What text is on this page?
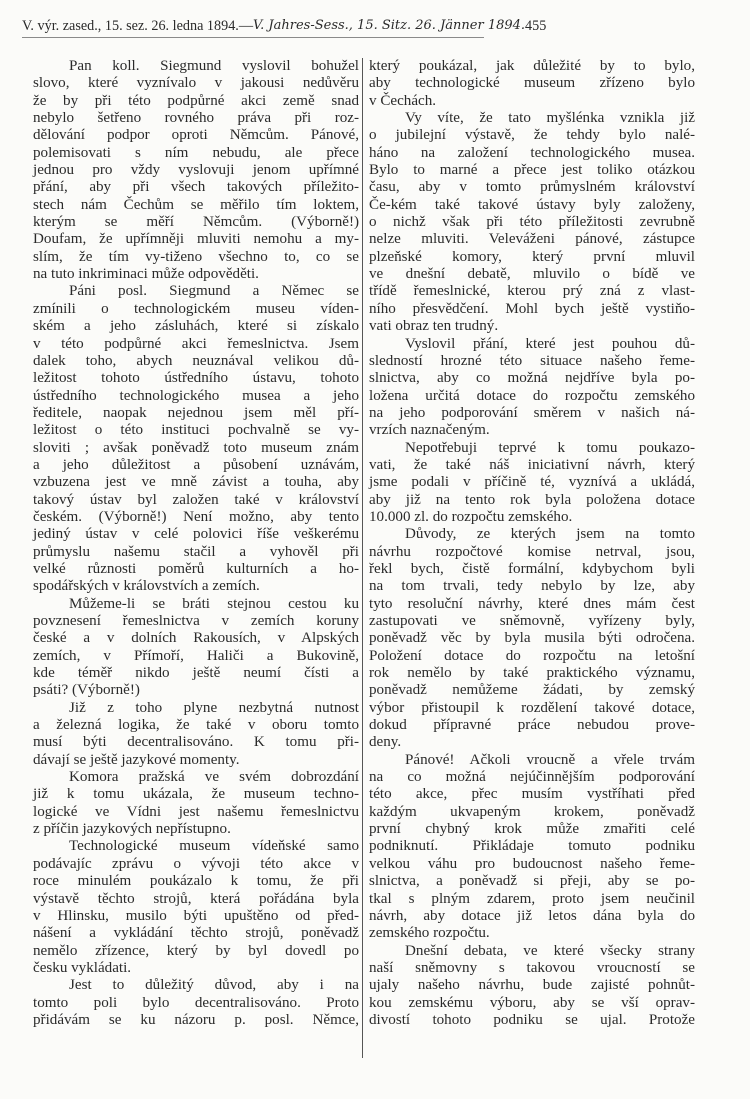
V. výr. zased., 15. sez. 26. ledna 1894. — V. Jahres-Sess., 15. Sitz. 26. Jänner 1894. 455
Pan koll. Siegmund vyslovil bohužel
slovo, které vyznívalo v jakousi nedůvěru
že by při této podpůrné akci země snad
nebylo šetřeno rovného práva při roz-
dělování podpor oproti Němcům. Pánové,
polemisovati s ním nebudu, ale přece
jednou pro vždy vyslovuji jenom upřímné
přání, aby při všech takových příležito-
stech nám Čechům se měřilo tím loktem,
kterým se měří Němcům. (Výborně!)
Doufam, že upřímněji mluviti nemohu a my-
slím, že tím vy-tiženo všechno to, co se
na tuto inkriminaci může odpověděti.
Páni posl. Siegmund a Němec se
zmínili o technologickém museu víden-
ském a jeho zásluhách, které si získalo
v této podpůrné akci řemeslnictva. Jsem
dalek toho, abych neuznával velikou dů-
ležitost tohoto ústředního ústavu, tohoto
ústředního technologického musea a jeho
ředitele, naopak nejednou jsem měl pří-
ležitost o této instituci pochvalně se vy-
sloviti ; avšak poněvadž toto museum znám
a jeho důležitost a působení uznávám,
vzbuzena jest ve mně závist a touha, aby
takový ústav byl založen také v království
českém. (Výborně!) Není možno, aby tento
jediný ústav v celé polovici říše veškerému
průmyslu našemu stačil a vyhověl při
velké různosti poměrů kulturních a ho-
spodářských v královstvích a zemích.
Můžeme-li se bráti stejnou cestou ku
povznesení řemeslnictva v zemích koruny
české a v dolních Rakousích, v Alpských
zemích, v Přímoří, Haliči a Bukovině,
kde téměř nikdo ještě neumí čísti a
psáti? (Výborně!)
Již z toho plyne nezbytná nutnost
a železná logika, že také v oboru tomto
musí býti decentralisováno. K tomu při-
dávají se ještě jazykové momenty.
Komora pražská ve svém dobrozdání
již k tomu ukázala, že museum techno-
logické ve Vídni jest našemu řemeslnictvu
z příčin jazykových nepřístupno.
Technologické museum vídeňské samo
podávajíc zprávu o vývoji této akce v
roce minulém poukázalo k tomu, že při
výstavě těchto strojů, která pořádána byla
v Hlinsku, musilo býti upuštěno od před-
nášení a vykládání těchto strojů, poněvadž
nemělo zřízence, který by byl dovedl po
česku vykládati.
Jest to důležitý důvod, aby i na
tomto poli bylo decentralisováno. Proto
přidávám se ku názoru p. posl. Němce,
který poukázal, jak důležité by to bylo,
aby technologické museum zřízeno bylo
v Čechách.
Vy víte, že tato myšlénka vznikla již
o jubilejní výstavě, že tehdy bylo nalé-
háno na založení technologického musea.
Bylo to marné a přece jest toliko otázkou
času, aby v tomto průmyslném království
Če-kém také takové ústavy byly založeny,
o nichž však při této příležitosti zevrubně
nelze mluviti. Veleváženi pánové, zástupce
plzeňské komory, který první mluvil
ve dnešní debatě, mluvilo o bídě ve
třídě řemeslnické, kterou prý zná z vlast-
ního přesvědčení. Mohl bych ještě vystiňo-
vati obraz ten trudný.
Vyslovil přání, které jest pouhou dů-
sledností hrozné této situace našeho řeme-
slnictva, aby co možná nejdříve byla po-
ložena určitá dotace do rozpočtu zemského
na jeho podporování směrem v našich ná-
vrzích naznačeným.
Nepotřebuji teprvé k tomu poukazo-
vati, že také náš iniciativní návrh, který
jsme podali v příčině té, vyznívá a ukládá,
aby již na tento rok byla položena dotace
10.000 zl. do rozpočtu zemského.
Důvody, ze kterých jsem na tomto
návrhu rozpočtové komise netrval, jsou,
řekl bych, čistě formální, kdybychom byli
na tom trvali, tedy nebylo by lze, aby
tyto resoluční návrhy, které dnes mám čest
zastupovati ve sněmovně, vyřízeny byly,
poněvadž věc by byla musila býti odročena.
Položení dotace do rozpočtu na letošní
rok nemělo by také praktického významu,
poněvadž nemůžeme žádati, by zemský
výbor přistoupil k rozdělení takové dotace,
dokud přípravné práce nebudou prove-
deny.
Pánové! Ačkoli vroucně a vřele trvám
na co možná nejúčinnějším podporování
této akce, přec musím vystříhati před
každým ukvapeným krokem, poněvadž
první chybný krok může zmařiti celé
podniknutí. Přikládaje tomuto podniku
velkou váhu pro budoucnost našeho řeme-
slnictva, a poněvadž si přeji, aby se po-
tkal s plným zdarem, proto jsem neučinil
návrh, aby dotace již letos dána byla do
zemského rozpočtu.
Dnešní debata, ve které všecky strany
naší sněmovny s takovou vroucností se
ujaly našeho návrhu, bude zajisté pohnůt-
kou zemskému výboru, aby se vší oprav-
divostí tohoto podniku se ujal. Protože
